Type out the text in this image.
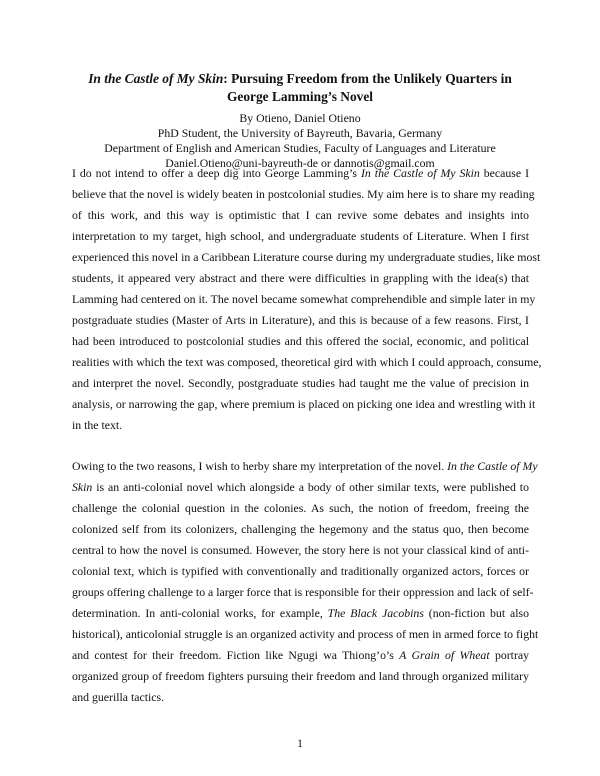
In the Castle of My Skin: Pursuing Freedom from the Unlikely Quarters in
George Lamming’s Novel
By Otieno, Daniel Otieno
PhD Student, the University of Bayreuth, Bavaria, Germany
Department of English and American Studies, Faculty of Languages and Literature
Daniel.Otieno@uni-bayreuth-de or dannotis@gmail.com
I do not intend to offer a deep dig into George Lamming’s In the Castle of My Skin because I
believe that the novel is widely beaten in postcolonial studies. My aim here is to share my reading
of this work, and this way is optimistic that I can revive some debates and insights into
interpretation to my target, high school, and undergraduate students of Literature. When I first
experienced this novel in a Caribbean Literature course during my undergraduate studies, like most
students, it appeared very abstract and there were difficulties in grappling with the idea(s) that
Lamming had centered on it. The novel became somewhat comprehendible and simple later in my
postgraduate studies (Master of Arts in Literature), and this is because of a few reasons. First, I
had been introduced to postcolonial studies and this offered the social, economic, and political
realities with which the text was composed, theoretical gird with which I could approach, consume,
and interpret the novel. Secondly, postgraduate studies had taught me the value of precision in
analysis, or narrowing the gap, where premium is placed on picking one idea and wrestling with it
in the text.
Owing to the two reasons, I wish to herby share my interpretation of the novel. In the Castle of My
Skin is an anti-colonial novel which alongside a body of other similar texts, were published to
challenge the colonial question in the colonies. As such, the notion of freedom, freeing the
colonized self from its colonizers, challenging the hegemony and the status quo, then become
central to how the novel is consumed. However, the story here is not your classical kind of anti-
colonial text, which is typified with conventionally and traditionally organized actors, forces or
groups offering challenge to a larger force that is responsible for their oppression and lack of self-
determination. In anti-colonial works, for example, The Black Jacobins (non-fiction but also
historical), anticolonial struggle is an organized activity and process of men in armed force to fight
and contest for their freedom. Fiction like Ngugi wa Thiong’o’s A Grain of Wheat portray
organized group of freedom fighters pursuing their freedom and land through organized military
and guerilla tactics.
1
